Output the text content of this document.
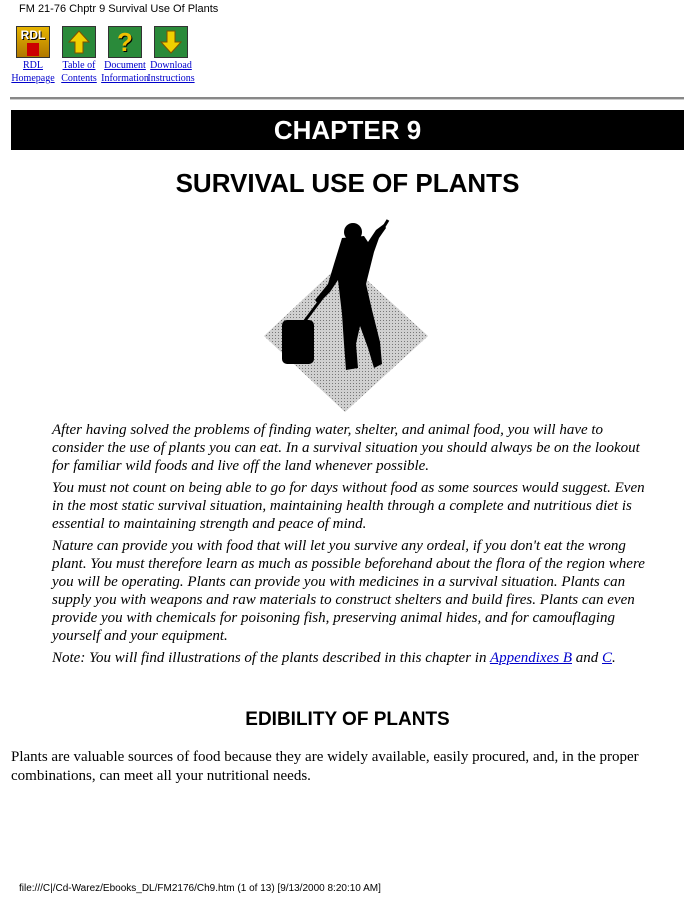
FM 21-76 Chptr 9 Survival Use Of Plants
RDL

RDL
Homepage
Table of
Contents
?
Document
Information
Download
Instructions
CHAPTER 9
SURVIVAL USE OF PLANTS

After having solved the problems of finding water, shelter, and animal food, you will have to consider the use of plants you can eat. In a survival situation you should always be on the lookout for familiar wild foods and live off the land whenever possible.

You must not count on being able to go for days without food as some sources would suggest. Even in the most static survival situation, maintaining health through a complete and nutritious diet is essential to maintaining strength and peace of mind.

Nature can provide you with food that will let you survive any ordeal, if you don't eat the wrong plant. You must therefore learn as much as possible beforehand about the flora of the region where you will be operating. Plants can provide you with medicines in a survival situation. Plants can supply you with weapons and raw materials to construct shelters and build fires. Plants can even provide you with chemicals for poisoning fish, preserving animal hides, and for camouflaging yourself and your equipment.

Note: You will find illustrations of the plants described in this chapter in Appendixes B and C.

EDIBILITY OF PLANTS

Plants are valuable sources of food because they are widely available, easily procured, and, in the proper combinations, can meet all your nutritional needs.

file:///C|/Cd-Warez/Ebooks_DL/FM2176/Ch9.htm (1 of 13) [9/13/2000 8:20:10 AM]
